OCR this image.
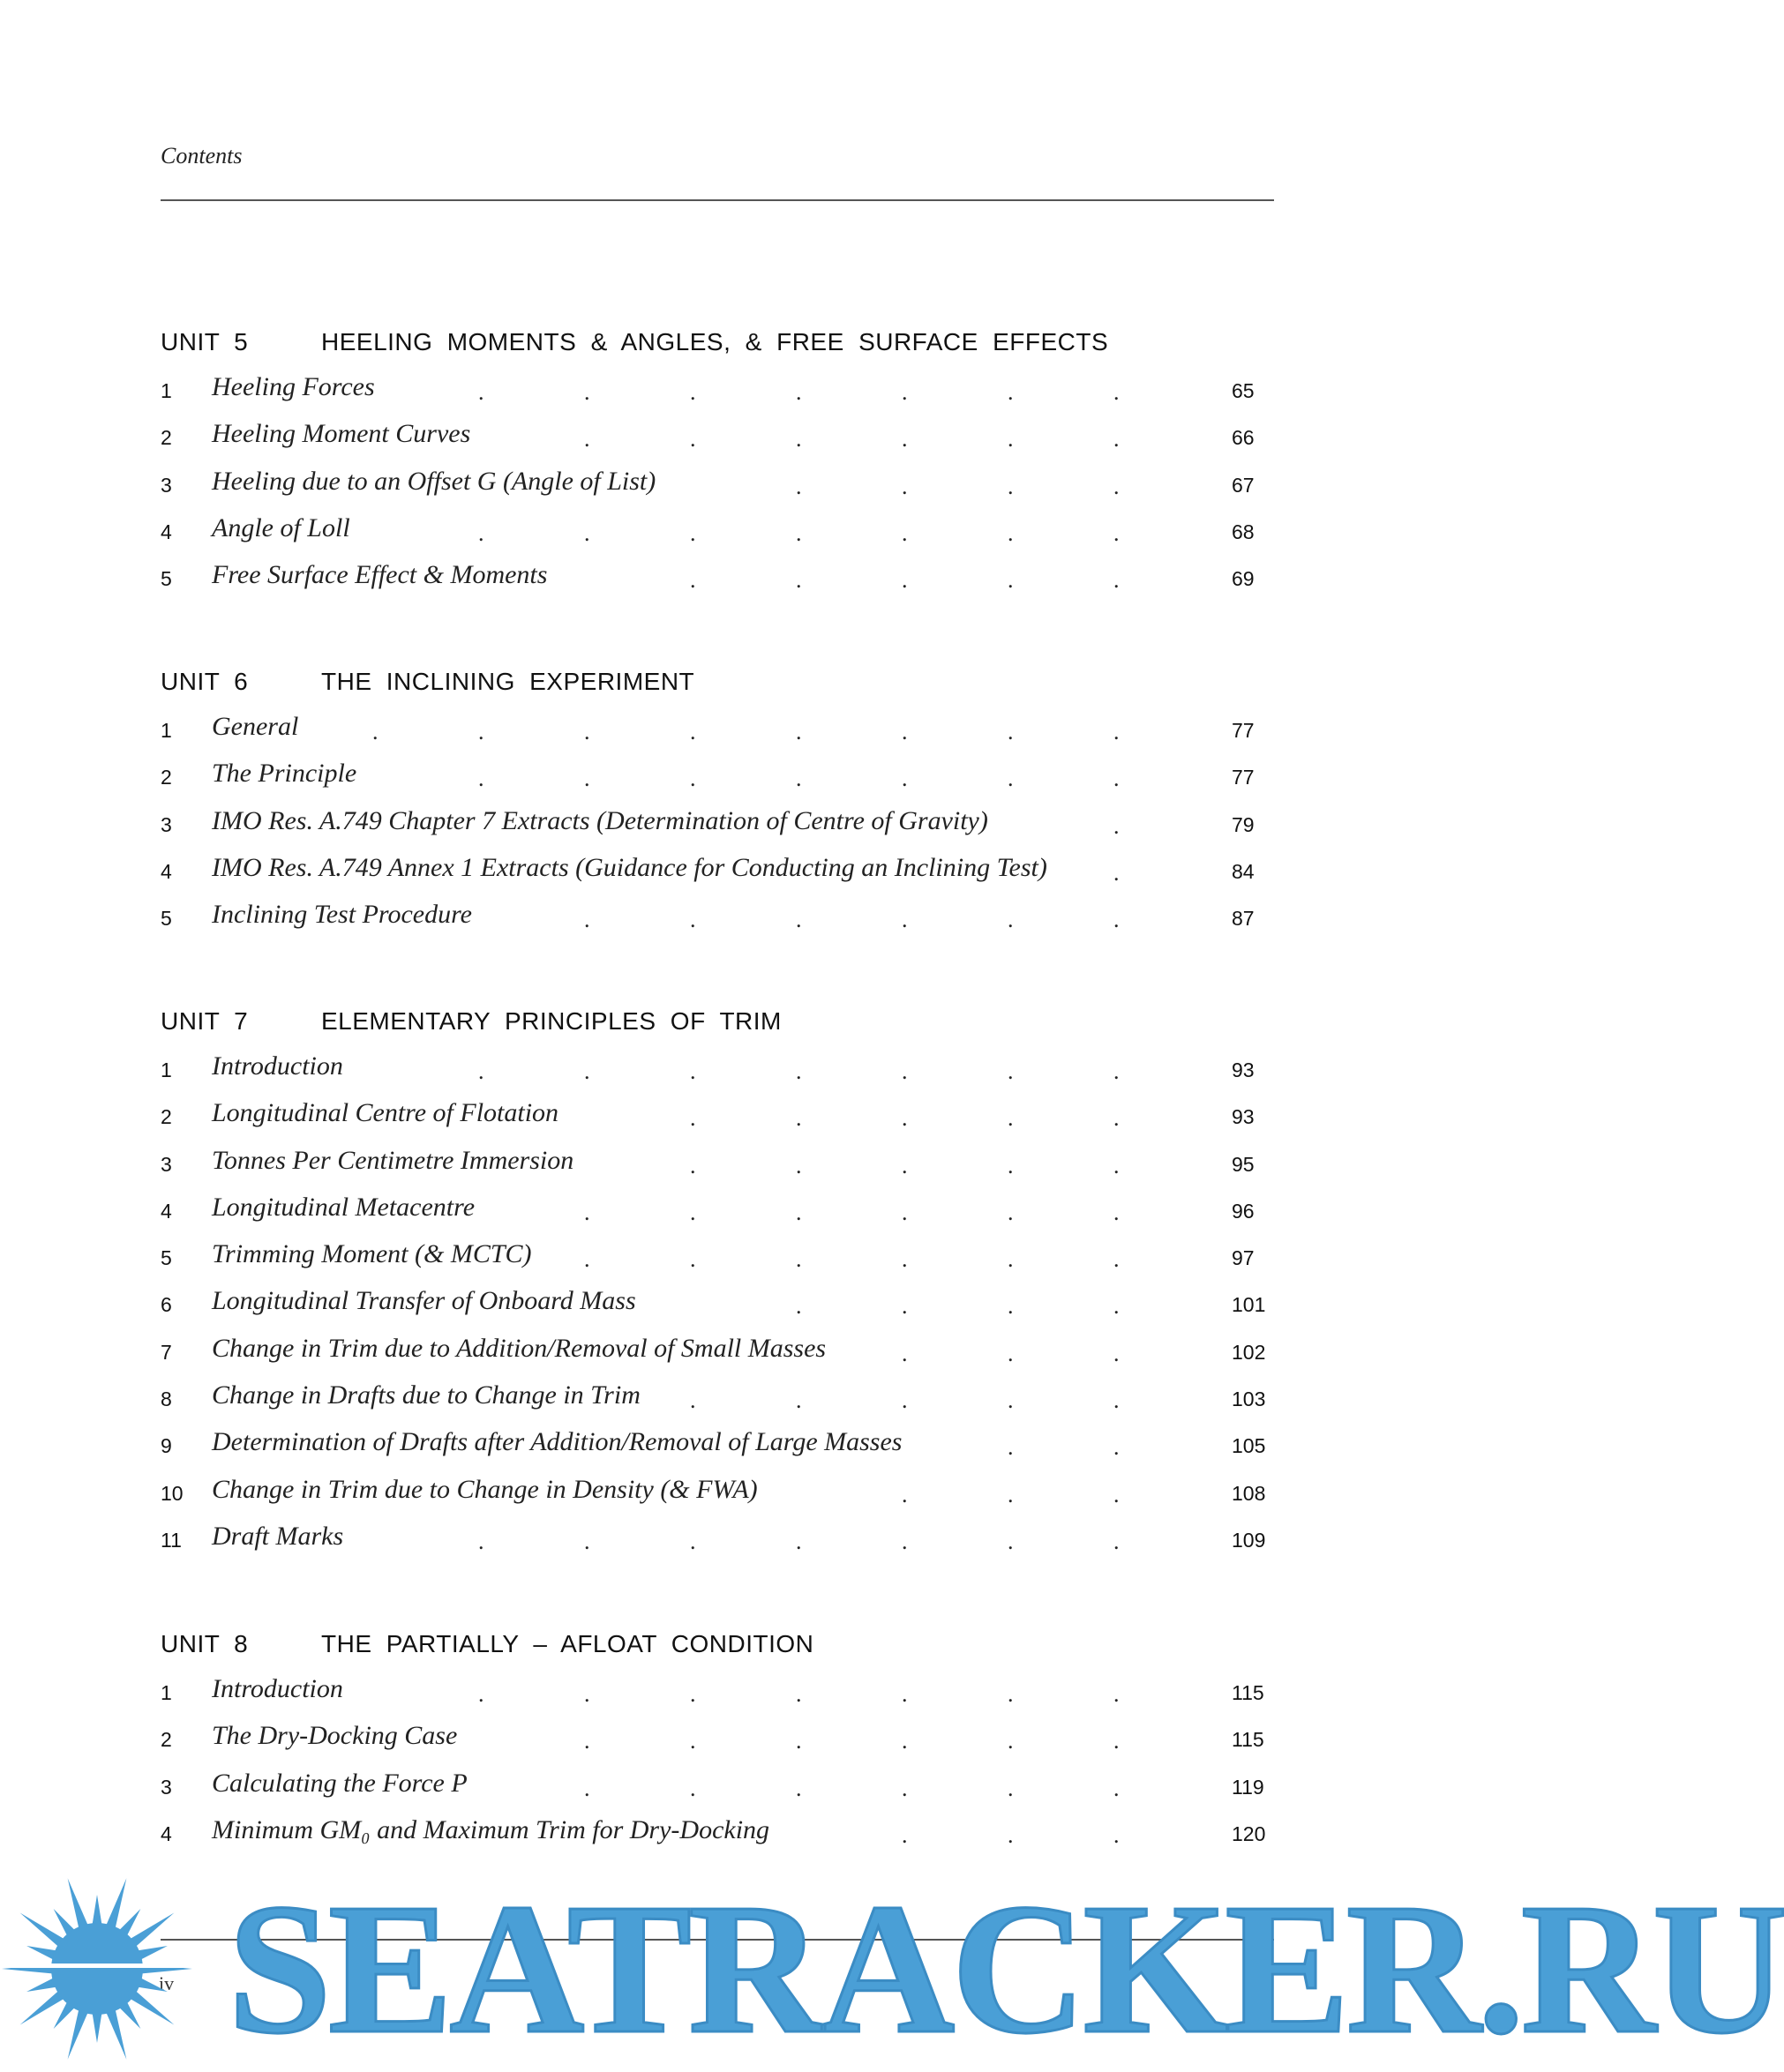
Contents
UNIT 5	HEELING MOMENTS & ANGLES, & FREE SURFACE EFFECTS
1 Heeling Forces	65
.	.	.	.	.	.	.
2 Heeling Moment Curves	66
.	.	.	.	.	.
3 Heeling due to an Offset G (Angle of List)	67
.	.	.	.
4 Angle of Loll	68
.	.	.	.	.	.	.
5 Free Surface Effect & Moments	69
.	.	.	.	.
UNIT 6	THE INCLINING EXPERIMENT
1 General	77
.	.	.	.	.	.	.	.
2 The Principle	77
.	.	.	.	.	.	.
3 IMO Res. A.749 Chapter 7 Extracts (Determination of Centre of Gravity)	79
.
4 IMO Res. A.749 Annex 1 Extracts (Guidance for Conducting an Inclining Test)	84
.
5 Inclining Test Procedure	87
.	.	.	.	.	.
UNIT 7	ELEMENTARY PRINCIPLES OF TRIM
1 Introduction	93
.	.	.	.	.	.	.
2 Longitudinal Centre of Flotation	93
.	.	.	.	.
3 Tonnes Per Centimetre Immersion	95
.	.	.	.	.
4 Longitudinal Metacentre	96
.	.	.	.	.	.
5 Trimming Moment (& MCTC)	97
.	.	.	.	.	.
6 Longitudinal Transfer of Onboard Mass	101
.	.	.	.
7 Change in Trim due to Addition/Removal of Small Masses	102
.	.	.
8 Change in Drafts due to Change in Trim	103
.	.	.	.	.
9 Determination of Drafts after Addition/Removal of Large Masses	105
.	.
10 Change in Trim due to Change in Density (& FWA)	108
.	.	.
11 Draft Marks	109
.	.	.	.	.	.	.
UNIT 8	THE PARTIALLY – AFLOAT CONDITION
1 Introduction	115
.	.	.	.	.	.	.
2 The Dry-Docking Case	115
.	.	.	.	.	.
3 Calculating the Force P	119
.	.	.	.	.	.
4 Minimum GM₀ and Maximum Trim for Dry-Docking	120
.	.	.
iv SEATRACKER.RU
